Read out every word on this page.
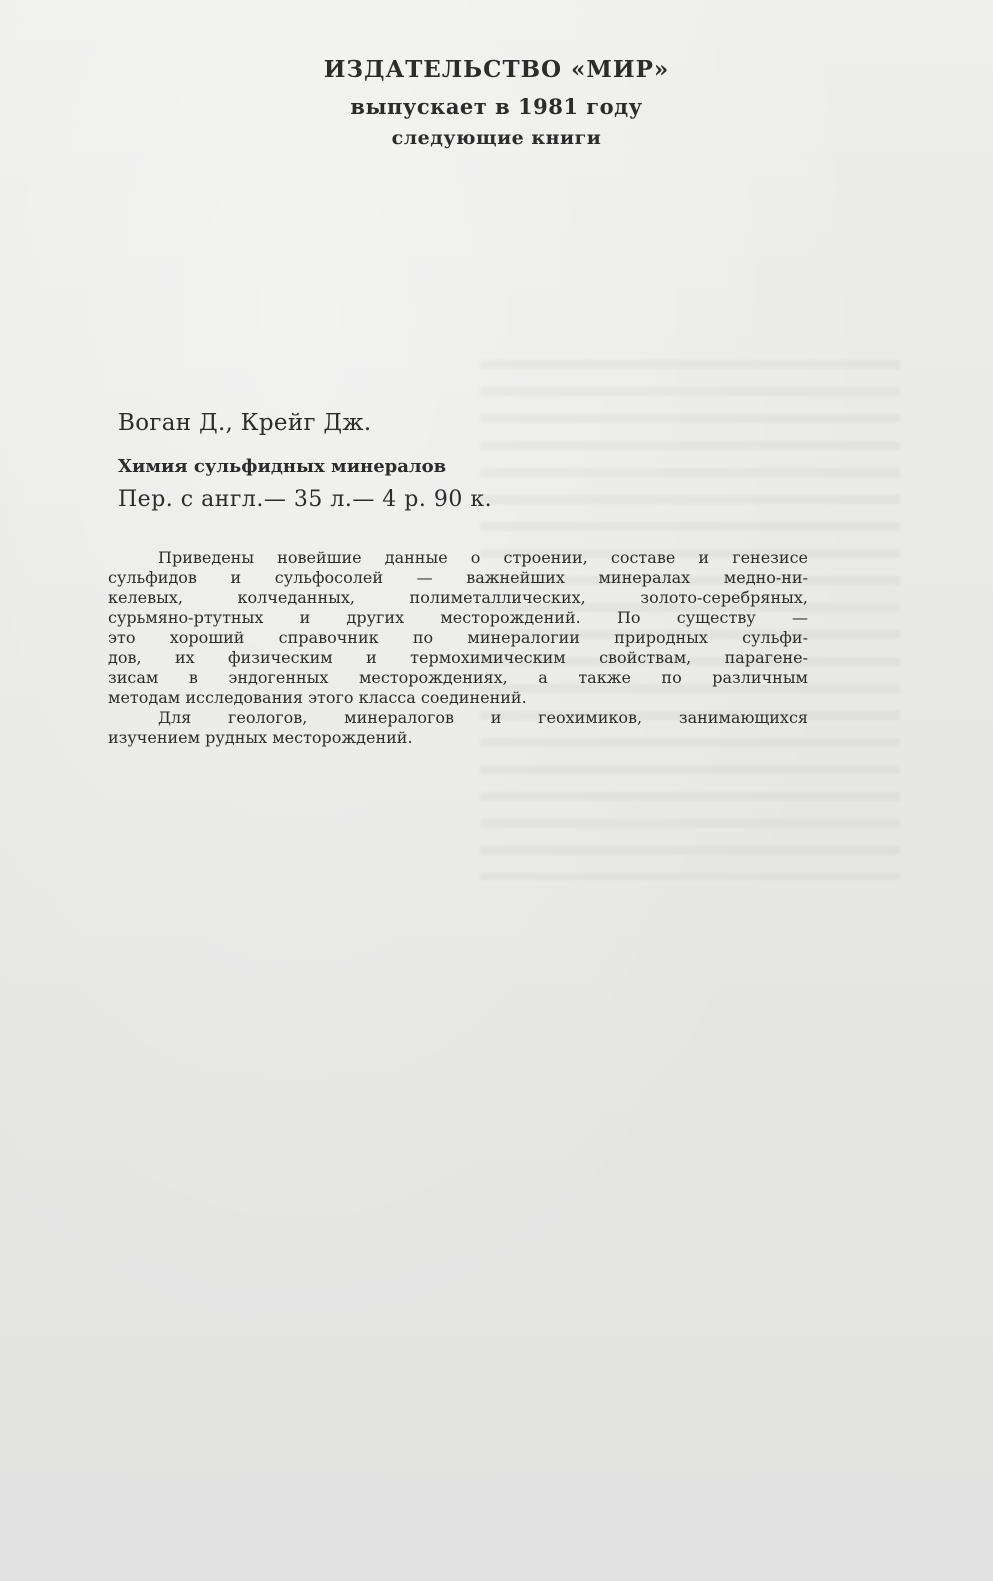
ИЗДАТЕЛЬСТВО «МИР»
выпускает в 1981 году
следующие книги
Воган Д., Крейг Дж.
Химия сульфидных минералов
Пер. с англ.— 35 л.— 4 р. 90 к.
Приведены новейшие данные о строении, составе и генезисе
сульфидов и сульфосолей — важнейших минералах медно-ни-
келевых, колчеданных, полиметаллических, золото-серебряных,
сурьмяно-ртутных и других месторождений. По существу —
это хороший справочник по минералогии природных сульфи-
дов, их физическим и термохимическим свойствам, парагене-
зисам в эндогенных месторождениях, а также по различным
методам исследования этого класса соединений.
Для геологов, минералогов и геохимиков, занимающихся
изучением рудных месторождений.
